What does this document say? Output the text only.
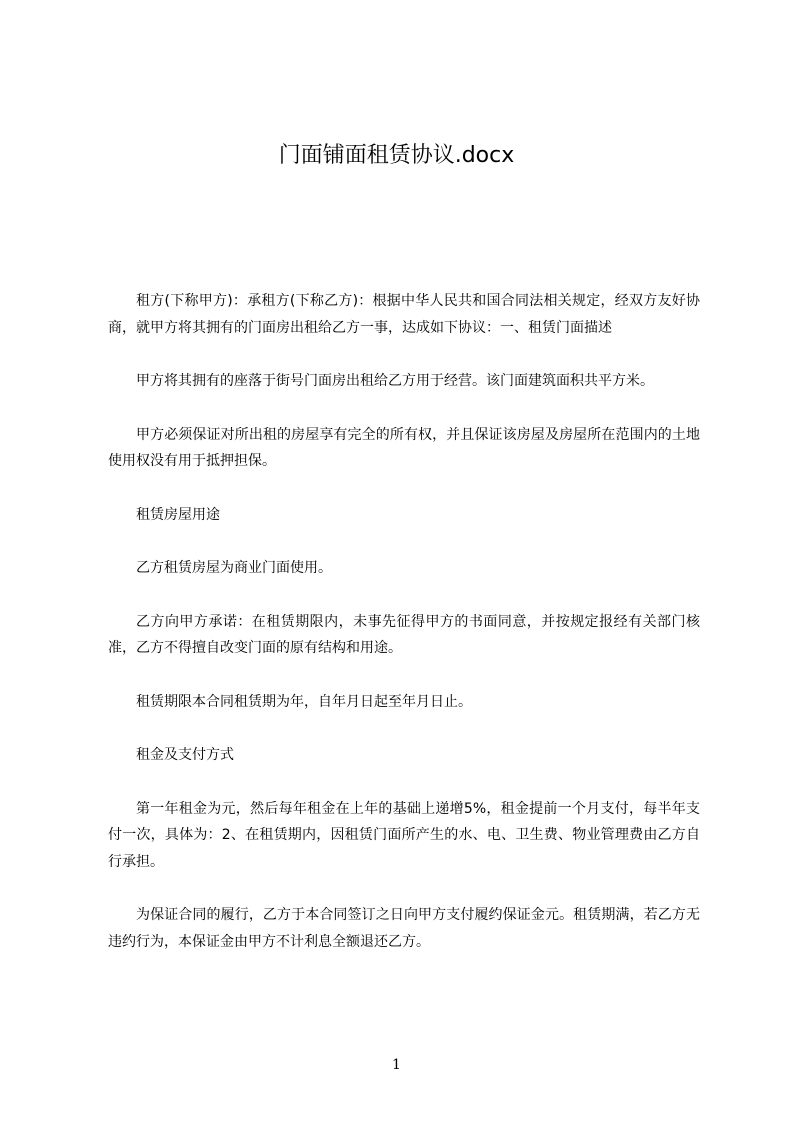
门面铺面租赁协议.docx

租方(下称甲方)：承租方(下称乙方)：根据中华人民共和国合同法相关规定，经双方友好协商，就甲方将其拥有的门面房出租给乙方一事，达成如下协议：一、租赁门面描述

甲方将其拥有的座落于街号门面房出租给乙方用于经营。该门面建筑面积共平方米。

甲方必须保证对所出租的房屋享有完全的所有权，并且保证该房屋及房屋所在范围内的土地使用权没有用于抵押担保。

租赁房屋用途

乙方租赁房屋为商业门面使用。

乙方向甲方承诺：在租赁期限内，未事先征得甲方的书面同意，并按规定报经有关部门核准，乙方不得擅自改变门面的原有结构和用途。

租赁期限本合同租赁期为年，自年月日起至年月日止。

租金及支付方式

第一年租金为元，然后每年租金在上年的基础上递增5%，租金提前一个月支付，每半年支付一次，具体为：2、在租赁期内，因租赁门面所产生的水、电、卫生费、物业管理费由乙方自行承担。

为保证合同的履行，乙方于本合同签订之日向甲方支付履约保证金元。租赁期满，若乙方无违约行为，本保证金由甲方不计利息全额退还乙方。

1
